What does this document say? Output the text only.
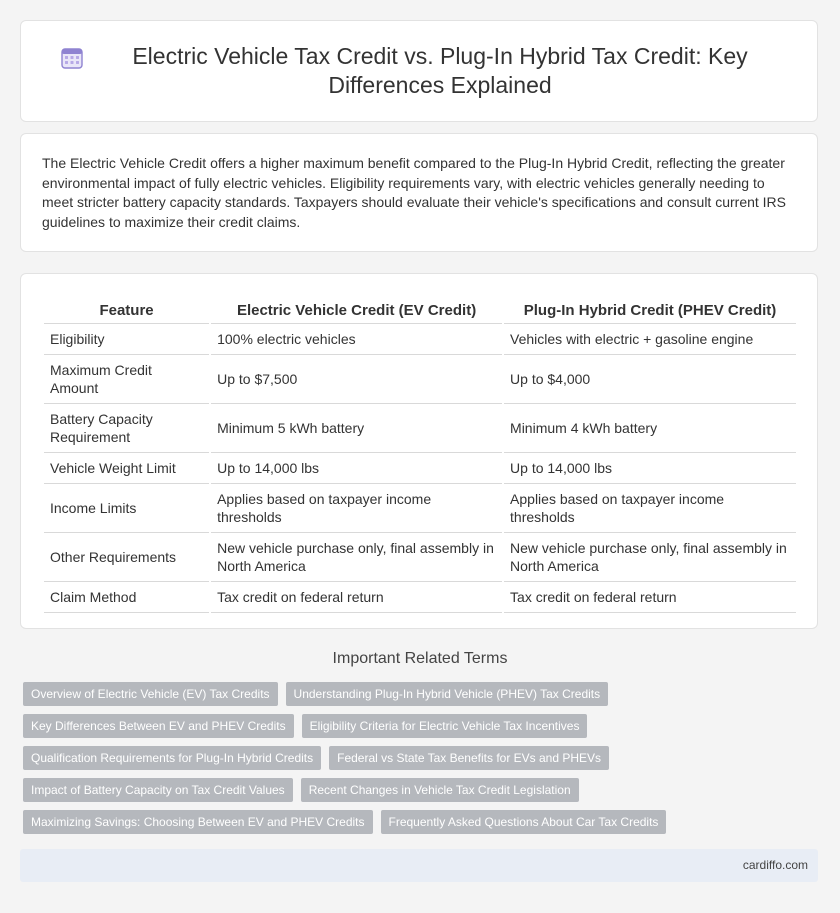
Electric Vehicle Tax Credit vs. Plug-In Hybrid Tax Credit: Key Differences Explained

The Electric Vehicle Credit offers a higher maximum benefit compared to the Plug-In Hybrid Credit, reflecting the greater environmental impact of fully electric vehicles. Eligibility requirements vary, with electric vehicles generally needing to meet stricter battery capacity standards. Taxpayers should evaluate their vehicle's specifications and consult current IRS guidelines to maximize their credit claims.

Feature	Electric Vehicle Credit (EV Credit)	Plug-In Hybrid Credit (PHEV Credit)
Eligibility	100% electric vehicles	Vehicles with electric + gasoline engine
Maximum Credit Amount	Up to $7,500	Up to $4,000
Battery Capacity Requirement	Minimum 5 kWh battery	Minimum 4 kWh battery
Vehicle Weight Limit	Up to 14,000 lbs	Up to 14,000 lbs
Income Limits	Applies based on taxpayer income thresholds	Applies based on taxpayer income thresholds
Other Requirements	New vehicle purchase only, final assembly in North America	New vehicle purchase only, final assembly in North America
Claim Method	Tax credit on federal return	Tax credit on federal return
Important Related Terms
Overview of Electric Vehicle (EV) Tax Credits	Understanding Plug-In Hybrid Vehicle (PHEV) Tax Credits
Key Differences Between EV and PHEV Credits	Eligibility Criteria for Electric Vehicle Tax Incentives
Qualification Requirements for Plug-In Hybrid Credits	Federal vs State Tax Benefits for EVs and PHEVs
Impact of Battery Capacity on Tax Credit Values	Recent Changes in Vehicle Tax Credit Legislation
Maximizing Savings: Choosing Between EV and PHEV Credits	Frequently Asked Questions About Car Tax Credits
cardiffo.com
